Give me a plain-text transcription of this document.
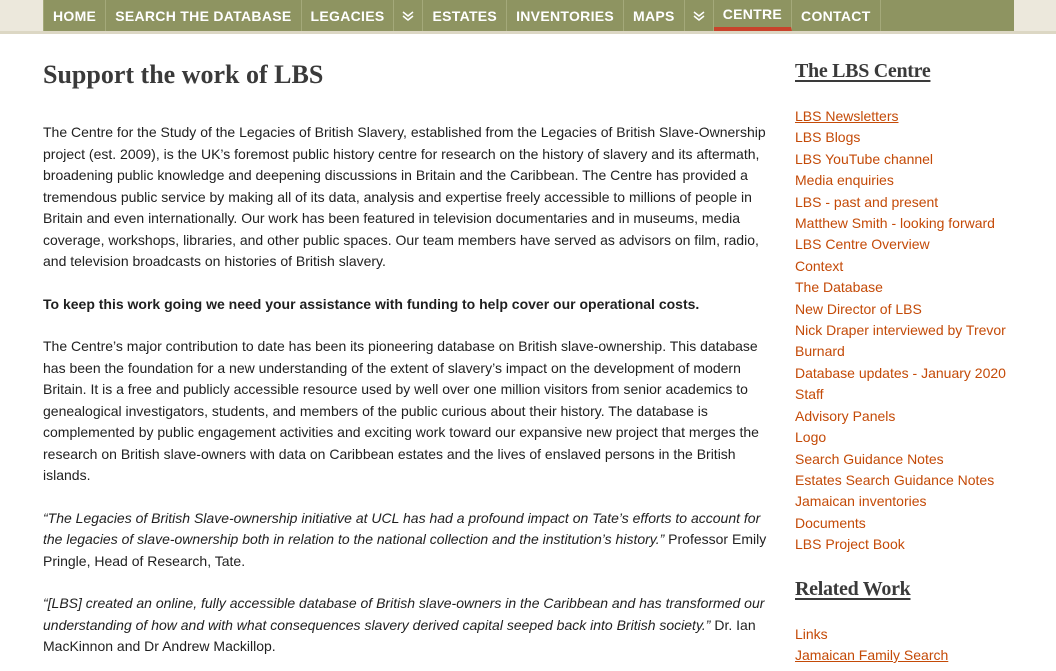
HOME	SEARCH THE DATABASE	LEGACIES	ESTATES	INVENTORIES	MAPS	CENTRE	CONTACT
Support the work of LBS

The Centre for the Study of the Legacies of British Slavery, established from the Legacies of British Slave-Ownership project (est. 2009), is the UK’s foremost public history centre for research on the history of slavery and its aftermath, broadening public knowledge and deepening discussions in Britain and the Caribbean. The Centre has provided a tremendous public service by making all of its data, analysis and expertise freely accessible to millions of people in Britain and even internationally. Our work has been featured in television documentaries and in museums, media coverage, workshops, libraries, and other public spaces. Our team members have served as advisors on film, radio, and television broadcasts on histories of British slavery.

To keep this work going we need your assistance with funding to help cover our operational costs.

The Centre’s major contribution to date has been its pioneering database on British slave-ownership. This database has been the foundation for a new understanding of the extent of slavery’s impact on the development of modern Britain. It is a free and publicly accessible resource used by well over one million visitors from senior academics to genealogical investigators, students, and members of the public curious about their history. The database is complemented by public engagement activities and exciting work toward our expansive new project that merges the research on British slave-owners with data on Caribbean estates and the lives of enslaved persons in the British islands.

“The Legacies of British Slave-ownership initiative at UCL has had a profound impact on Tate’s efforts to account for the legacies of slave-ownership both in relation to the national collection and the institution’s history.” Professor Emily Pringle, Head of Research, Tate.

“[LBS] created an online, fully accessible database of British slave-owners in the Caribbean and has transformed our understanding of how and with what consequences slavery derived capital seeped back into British society.” Dr. Ian MacKinnon and Dr Andrew Mackillop.

The LBS Centre
LBS Newsletters
LBS Blogs
LBS YouTube channel
Media enquiries
LBS - past and present
Matthew Smith - looking forward
LBS Centre Overview
Context
The Database
New Director of LBS
Nick Draper interviewed by Trevor Burnard
Database updates - January 2020
Staff
Advisory Panels
Logo
Search Guidance Notes
Estates Search Guidance Notes
Jamaican inventories
Documents
LBS Project Book
Related Work
Links
Jamaican Family Search
